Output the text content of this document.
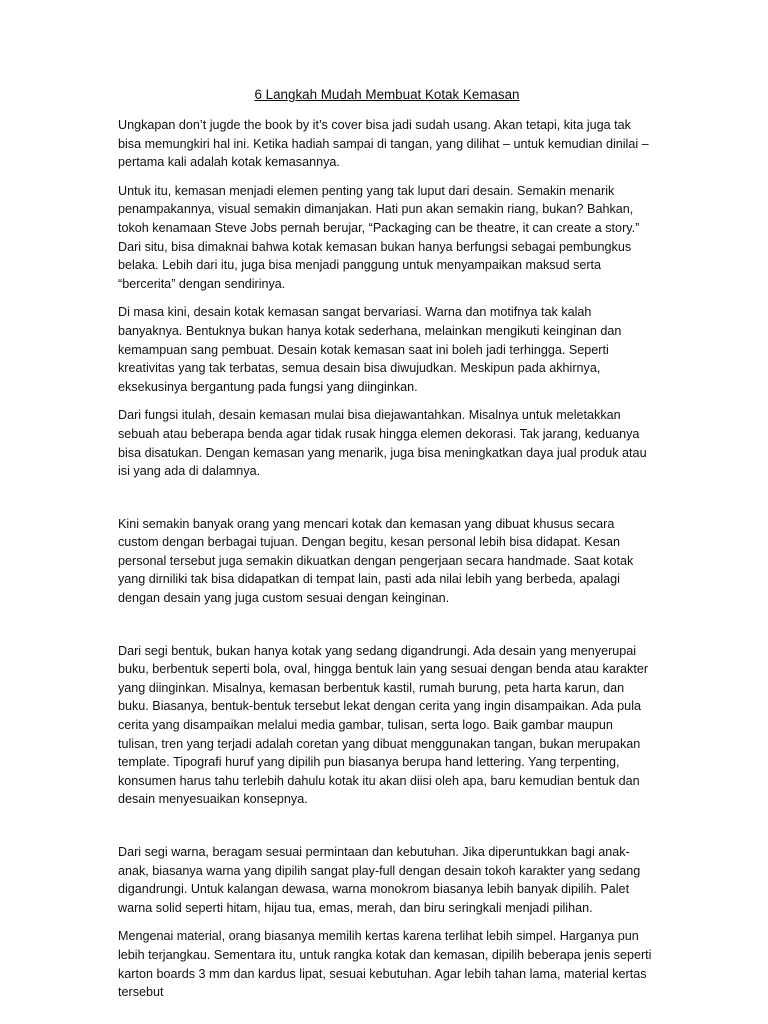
6 Langkah Mudah Membuat Kotak Kemasan

Ungkapan don’t jugde the book by it’s cover bisa jadi sudah usang. Akan tetapi, kita juga tak bisa memungkiri hal ini. Ketika hadiah sampai di tangan, yang dilihat – untuk kemudian dinilai – pertama kali adalah kotak kemasannya.

Untuk itu, kemasan menjadi elemen penting yang tak luput dari desain. Semakin menarik penampakannya, visual semakin dimanjakan. Hati pun akan semakin riang, bukan? Bahkan, tokoh kenamaan Steve Jobs pernah berujar, “Packaging can be theatre, it can create a story.” Dari situ, bisa dimaknai bahwa kotak kemasan bukan hanya berfungsi sebagai pembungkus belaka. Lebih dari itu, juga bisa menjadi panggung untuk menyampaikan maksud serta “bercerita” dengan sendirinya.

Di masa kini, desain kotak kemasan sangat bervariasi. Warna dan motifnya tak kalah banyaknya. Bentuknya bukan hanya kotak sederhana, melainkan mengikuti keinginan dan kemampuan sang pembuat. Desain kotak kemasan saat ini boleh jadi terhingga. Seperti kreativitas yang tak terbatas, semua desain bisa diwujudkan. Meskipun pada akhirnya, eksekusinya bergantung pada fungsi yang diinginkan.

Dari fungsi itulah, desain kemasan mulai bisa diejawantahkan. Misalnya untuk meletakkan sebuah atau beberapa benda agar tidak rusak hingga elemen dekorasi. Tak jarang, keduanya bisa disatukan. Dengan kemasan yang menarik, juga bisa meningkatkan daya jual produk atau isi yang ada di dalamnya.

Kini semakin banyak orang yang mencari kotak dan kemasan yang dibuat khusus secara custom dengan berbagai tujuan. Dengan begitu, kesan personal lebih bisa didapat. Kesan personal tersebut juga semakin dikuatkan dengan pengerjaan secara handmade. Saat kotak yang dirniliki tak bisa didapatkan di tempat lain, pasti ada nilai lebih yang berbeda, apalagi dengan desain yang juga custom sesuai dengan keinginan.

Dari segi bentuk, bukan hanya kotak yang sedang digandrungi. Ada desain yang menyerupai buku, berbentuk seperti bola, oval, hingga bentuk lain yang sesuai dengan benda atau karakter yang diinginkan. Misalnya, kemasan berbentuk kastil, rumah burung, peta harta karun, dan buku. Biasanya, bentuk-bentuk tersebut lekat dengan cerita yang ingin disampaikan. Ada pula cerita yang disampaikan melalui media gambar, tulisan, serta logo. Baik gambar maupun tulisan, tren yang terjadi adalah coretan yang dibuat menggunakan tangan, bukan merupakan template. Tipografi huruf yang dipilih pun biasanya berupa hand lettering. Yang terpenting, konsumen harus tahu terlebih dahulu kotak itu akan diisi oleh apa, baru kemudian bentuk dan desain menyesuaikan konsepnya.

Dari segi warna, beragam sesuai permintaan dan kebutuhan. Jika diperuntukkan bagi anak-anak, biasanya warna yang dipilih sangat play-full dengan desain tokoh karakter yang sedang digandrungi. Untuk kalangan dewasa, warna monokrom biasanya lebih banyak dipilih. Palet warna solid seperti hitam, hijau tua, emas, merah, dan biru seringkali menjadi pilihan.

Mengenai material, orang biasanya memilih kertas karena terlihat lebih simpel. Harganya pun lebih terjangkau. Sementara itu, untuk rangka kotak dan kemasan, dipilih beberapa jenis seperti karton boards 3 mm dan kardus lipat, sesuai kebutuhan. Agar lebih tahan lama, material kertas tersebut
